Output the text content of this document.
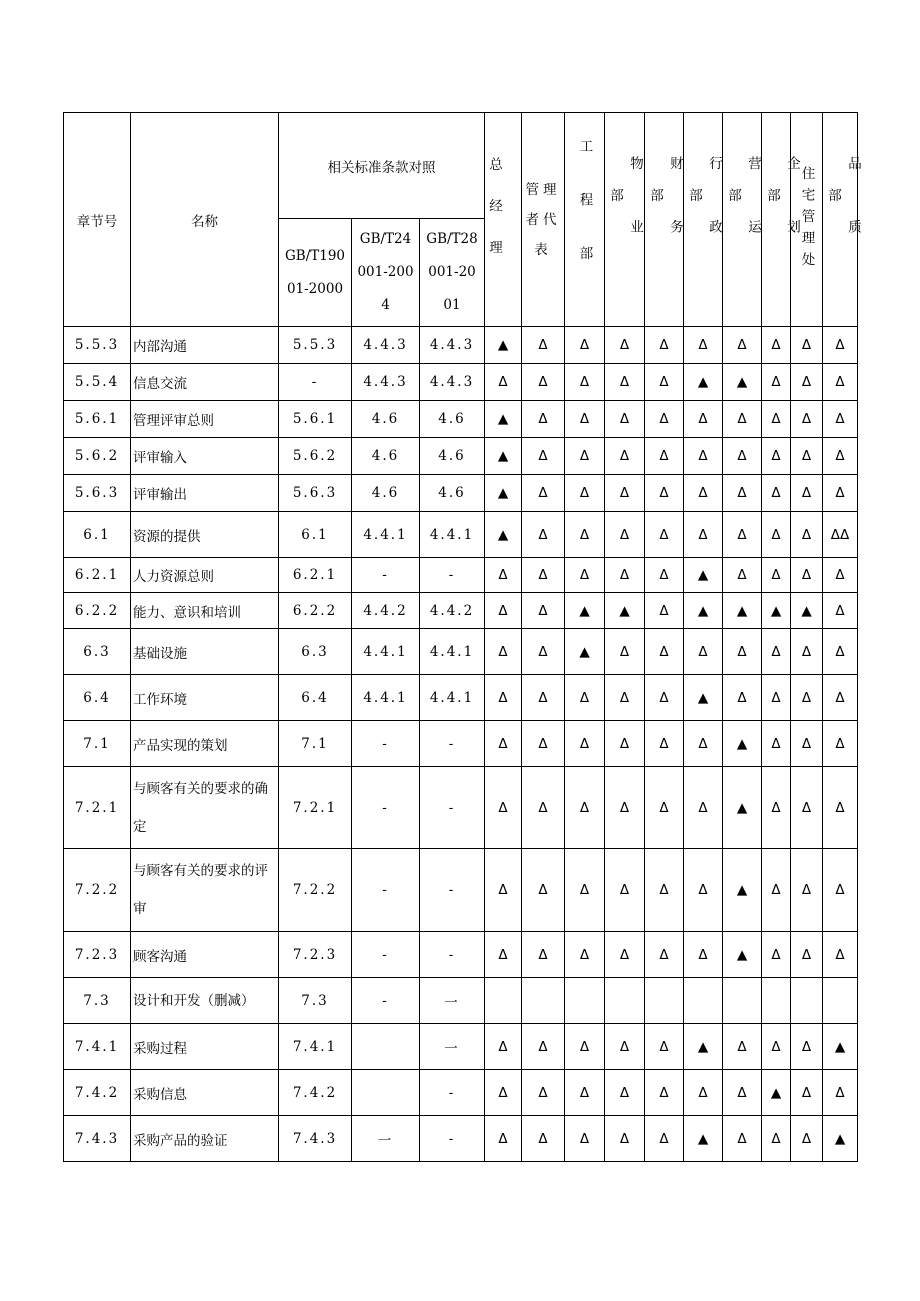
章节号	名称	相关标准条款对照			总经理	管理者代表	工程部	物业部	财务部	行政部	营运部	企划部	住宅管理处	品质部

		GB/T19001-2000	GB/T24001-2004	GB/T28001-2001										

5.5.3	内部沟通	5.5.3	4.4.3	4.4.3	▲	Δ	Δ	Δ	Δ	Δ	Δ	Δ	Δ	Δ
5.5.4	信息交流	-	4.4.3	4.4.3	Δ	Δ	Δ	Δ	Δ	▲	▲	Δ	Δ	Δ
5.6.1	管理评审总则	5.6.1	4.6	4.6	▲	Δ	Δ	Δ	Δ	Δ	Δ	Δ	Δ	Δ
5.6.2	评审输入	5.6.2	4.6	4.6	▲	Δ	Δ	Δ	Δ	Δ	Δ	Δ	Δ	Δ
5.6.3	评审输出	5.6.3	4.6	4.6	▲	Δ	Δ	Δ	Δ	Δ	Δ	Δ	Δ	Δ
6.1	资源的提供	6.1	4.4.1	4.4.1	▲	Δ	Δ	Δ	Δ	Δ	Δ	Δ	Δ	ΔΔ
6.2.1	人力资源总则	6.2.1	-	-	Δ	Δ	Δ	Δ	Δ	▲	Δ	Δ	Δ	Δ
6.2.2	能力、意识和培训	6.2.2	4.4.2	4.4.2	Δ	Δ	▲	▲	Δ	▲	▲	▲	▲	Δ
6.3	基础设施	6.3	4.4.1	4.4.1	Δ	Δ	▲	Δ	Δ	Δ	Δ	Δ	Δ	Δ
6.4	工作环境	6.4	4.4.1	4.4.1	Δ	Δ	Δ	Δ	Δ	▲	Δ	Δ	Δ	Δ
7.1	产品实现的策划	7.1	-	-	Δ	Δ	Δ	Δ	Δ	Δ	▲	Δ	Δ	Δ
7.2.1	与顾客有关的要求的确定	7.2.1	-	-	Δ	Δ	Δ	Δ	Δ	Δ	▲	Δ	Δ	Δ
7.2.2	与顾客有关的要求的评审	7.2.2	-	-	Δ	Δ	Δ	Δ	Δ	Δ	▲	Δ	Δ	Δ
7.2.3	顾客沟通	7.2.3	-	-	Δ	Δ	Δ	Δ	Δ	Δ	▲	Δ	Δ	Δ
7.3	设计和开发（删减）	7.3	-	一										
7.4.1	采购过程	7.4.1		一	Δ	Δ	Δ	Δ	Δ	▲	Δ	Δ	Δ	▲
7.4.2	采购信息	7.4.2		-	Δ	Δ	Δ	Δ	Δ	Δ	Δ	▲	Δ	Δ
7.4.3	采购产品的验证	7.4.3	一	-	Δ	Δ	Δ	Δ	Δ	▲	Δ	Δ	Δ	▲
